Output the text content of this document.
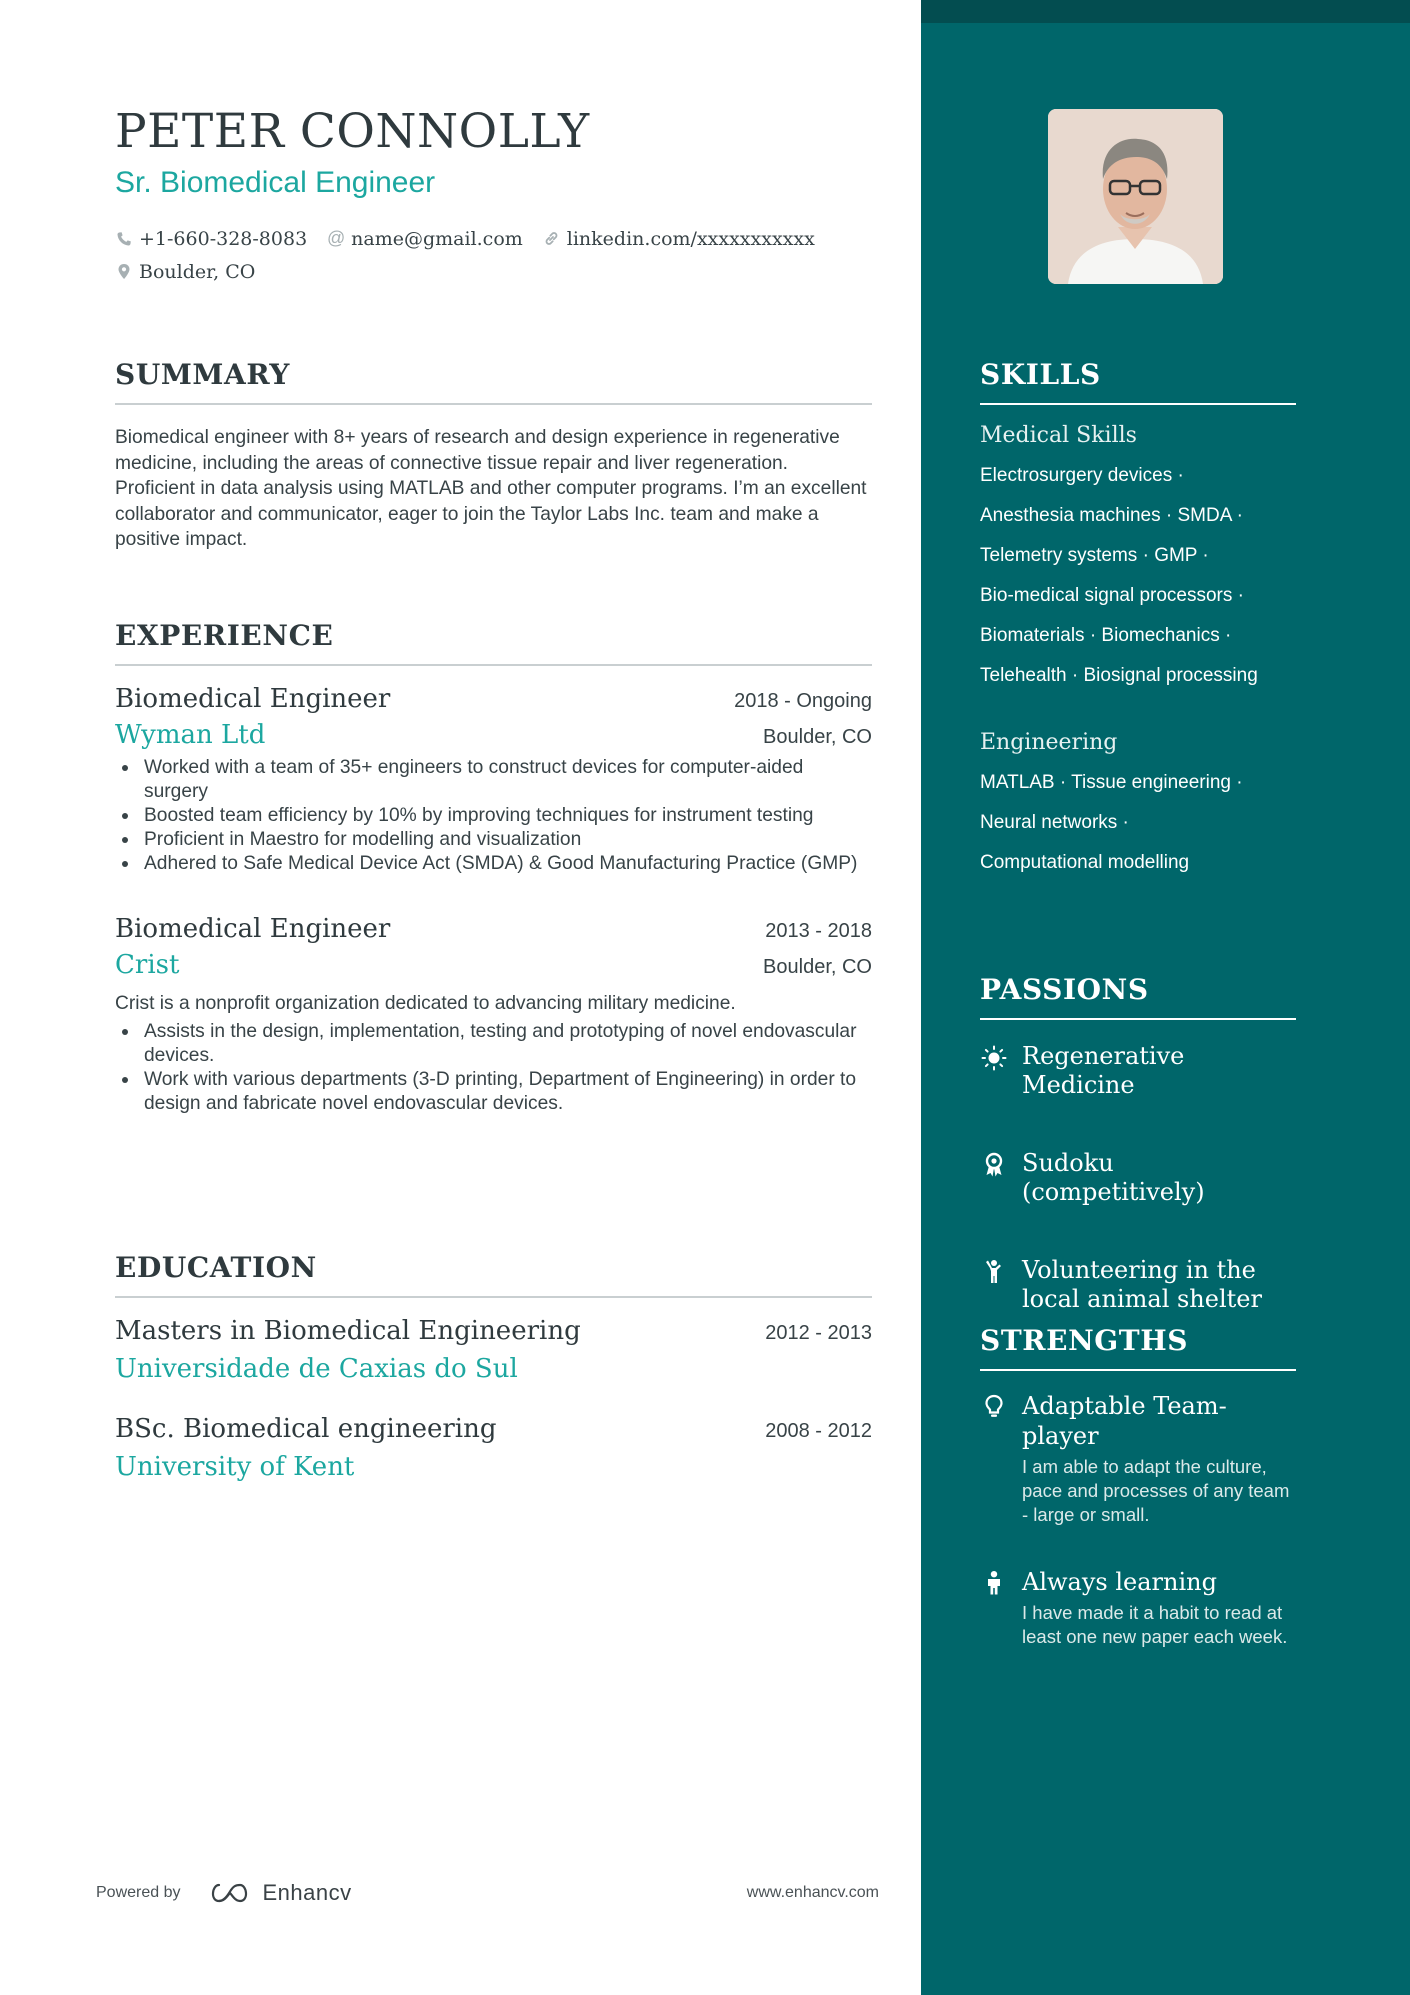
PETER CONNOLLY
Sr. Biomedical Engineer
+1-660-328-8083 @ name@gmail.com linkedin.com/xxxxxxxxxxx
Boulder, CO
SUMMARY

Biomedical engineer with 8+ years of research and design experience in regenerative medicine, including the areas of connective tissue repair and liver regeneration. Proficient in data analysis using MATLAB and other computer programs. I’m an excellent collaborator and communicator, eager to join the Taylor Labs Inc. team and make a positive impact.

EXPERIENCE
Biomedical Engineer	2018 - Ongoing
Wyman Ltd	Boulder, CO
Worked with a team of 35+ engineers to construct devices for computer-aided surgery
Boosted team efficiency by 10% by improving techniques for instrument testing
Proficient in Maestro for modelling and visualization
Adhered to Safe Medical Device Act (SMDA) & Good Manufacturing Practice (GMP)
Biomedical Engineer	2013 - 2018
Crist	Boulder, CO

Crist is a nonprofit organization dedicated to advancing military medicine.

Assists in the design, implementation, testing and prototyping of novel endovascular devices.
Work with various departments (3-D printing, Department of Engineering) in order to design and fabricate novel endovascular devices.
EDUCATION
Masters in Biomedical Engineering	2012 - 2013
Universidade de Caxias do Sul
BSc. Biomedical engineering	2008 - 2012
University of Kent
Powered by	Enhancv	www.enhancv.com
SKILLS
Medical Skills
Electrosurgery devices ·
Anesthesia machines · SMDA ·
Telemetry systems · GMP ·
Bio-medical signal processors ·
Biomaterials · Biomechanics ·
Telehealth · Biosignal processing
Engineering
MATLAB · Tissue engineering ·
Neural networks ·
Computational modelling
PASSIONS
Regenerative Medicine
Sudoku (competitively)
Volunteering in the local animal shelter
STRENGTHS
Adaptable Team-player
I am able to adapt the culture, pace and processes of any team - large or small.
Always learning
I have made it a habit to read at least one new paper each week.
